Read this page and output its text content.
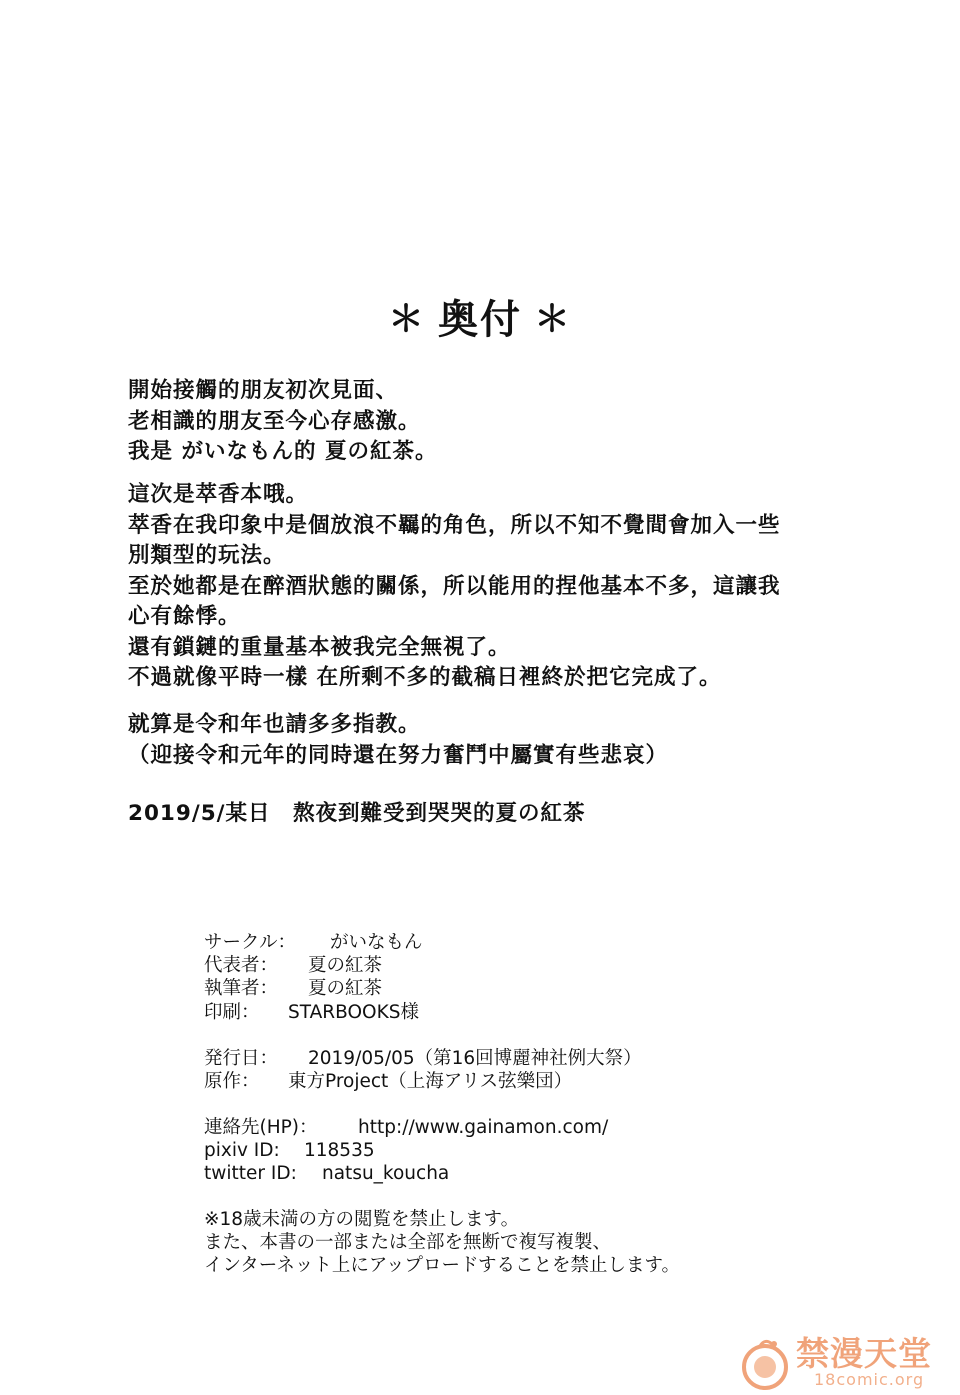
＊ 奥付 ＊
開始接觸的朋友初次見面、
老相識的朋友至今心存感激。
我是 がいなもん的 夏の紅茶。
這次是萃香本哦。
萃香在我印象中是個放浪不羈的角色，所以不知不覺間會加入一些
別類型的玩法。
至於她都是在醉酒狀態的關係，所以能用的捏他基本不多，這讓我
心有餘悸。
還有鎖鏈的重量基本被我完全無視了。
不過就像平時一樣 在所剩不多的截稿日裡終於把它完成了。
就算是令和年也請多多指教。
（迎接令和元年的同時還在努力奮鬥中屬實有些悲哀）
2019/5/某日　熬夜到難受到哭哭的夏の紅茶

サークル：

がいなもん

代表者：

夏の紅茶

執筆者：

夏の紅茶

印刷：

STARBOOKS様

発行日：

2019/05/05（第16回博麗神社例大祭）

原作：

東方Project（上海アリス弦樂団）

連絡先(HP)：

http://www.gainamon.com/

pixiv ID:

118535

twitter ID:

natsu_koucha

※18歳未満の方の閲覧を禁止します。
また、本書の一部または全部を無断で複写複製、
インターネット上にアップロードすることを禁止します。
禁漫天堂
18comic.org
